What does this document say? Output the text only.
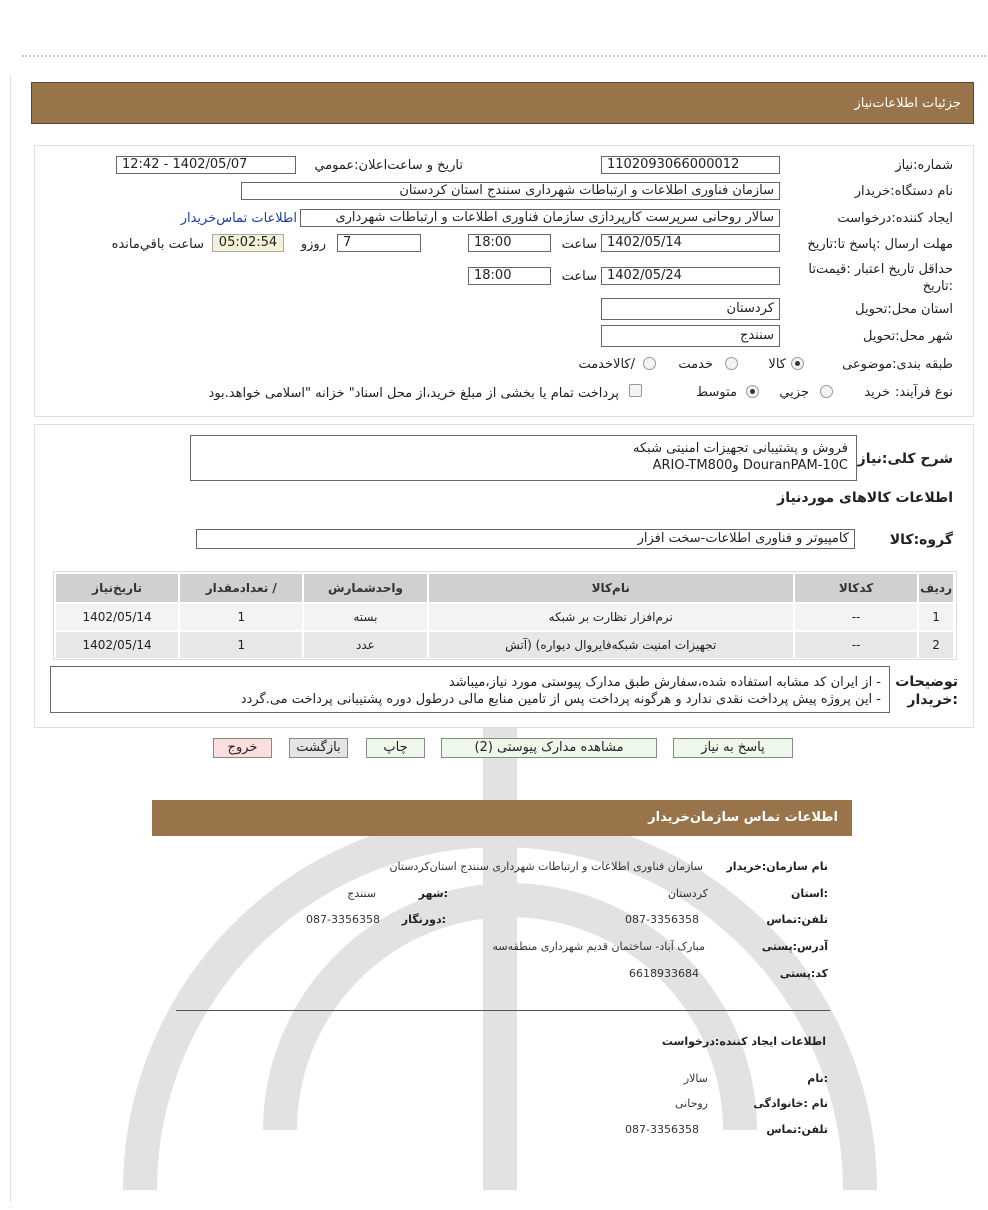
جزئیات اطلاعات‌نیاز
شماره:نیاز
1102093066000012
تاریخ و ساعت‌اعلان:عمومي
1402/05/07 - 12:42
نام دستگاه:خریدار
سازمان فناوری اطلاعات و ارتباطات شهرداری سنندج استان کردستان
ایجاد کننده:درخواست
سالار روحانی سرپرست کارپردازی سازمان فناوری اطلاعات و ارتباطات شهرداری
اطلاعات تماس‌خریدار
مهلت ارسال :پاسخ تا:تاریخ
1402/05/14
ساعت
18:00
7
روزو
05:02:54
ساعت باقي‌مانده
حداقل تاریخ اعتبار :قیمت‌تا :تاریخ
1402/05/24
ساعت
18:00
استان محل:تحویل
کردستان
شهر محل:تحویل
سنندج
طبقه بندی:موضوعی
کالا
خدمت
/کالاخدمت
نوع فرآیند:
خرید
جزیي
متوسط
پرداخت تمام یا بخشی از مبلغ خرید،از محل اسناد" خزانه "اسلامی خواهد.بود
شرح کلی:نیاز
فروش و پشتیبانی تجهیزات امنیتی شبکه
DouranPAM-10C وARIO-TM800
اطلاعات کالاهای مورد‌نیاز
گروه:کالا
کامپیوتر و فناوری اطلاعات-سخت افزار
ردیف	کدکالا	نام‌کالا	واحدشمارش	/ تعدادمقدار	تاریخ‌نیاز
1	--	نرم‌افزار نظارت بر شبکه	بسته	1	1402/05/14
2	--	تجهیزات امنیت شبکه‌فایروال دیواره) (آتش	عدد	1	1402/05/14
توضیحات
:خریدار
- از ایران کد مشابه استفاده شده،سفارش طبق مدارک پیوستی مورد نیاز،میباشد
- این پروژه پیش پرداخت نقدی ندارد و هرگونه پرداخت پس از تامین منابع مالی درطول دوره پشتیبانی پرداخت می.گردد
پاسخ به نیاز
مشاهده مدارک پیوستی (2)
چاپ
بازگشت
خروج
اطلاعات تماس سازمان‌خریدار
نام سازمان:خریدار
سازمان فناوری اطلاعات و ارتباطات شهرداری سنندج استان‌کردستان
:استان
کردستان
:شهر
سنندج
تلفن:تماس
087-3356358
:دورنگار
087-3356358
آدرس:پستی
مبارک آباد- ساختمان قدیم شهرداری منطقه‌سه
کد:پستی
6618933684
اطلاعات ایجاد کننده:درخواست
:نام
سالار
نام :خانوادگی
روحانی
تلفن:تماس
087-3356358
